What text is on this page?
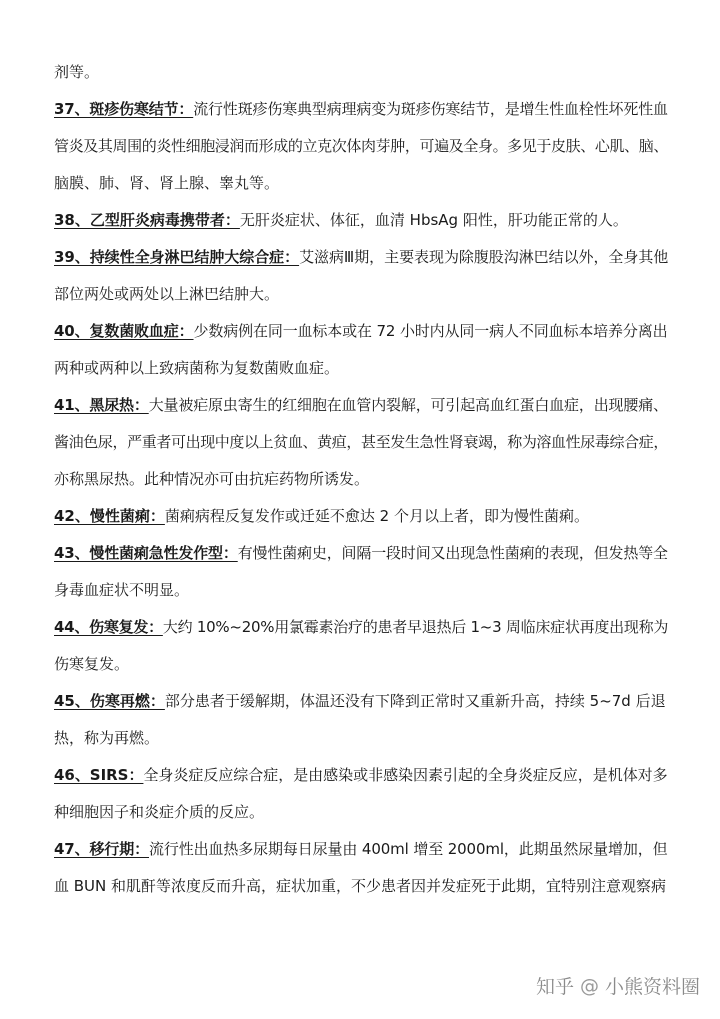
剂等。
37、斑疹伤寒结节：流行性斑疹伤寒典型病理病变为斑疹伤寒结节，是增生性血栓性坏死性血
管炎及其周围的炎性细胞浸润而形成的立克次体肉芽肿，可遍及全身。多见于皮肤、心肌、脑、
脑膜、肺、肾、肾上腺、睾丸等。
38、乙型肝炎病毒携带者：无肝炎症状、体征，血清 HbsAg 阳性，肝功能正常的人。
39、持续性全身淋巴结肿大综合症：艾滋病Ⅲ期，主要表现为除腹股沟淋巴结以外，全身其他
部位两处或两处以上淋巴结肿大。
40、复数菌败血症：少数病例在同一血标本或在 72 小时内从同一病人不同血标本培养分离出
两种或两种以上致病菌称为复数菌败血症。
41、黑尿热：大量被疟原虫寄生的红细胞在血管内裂解，可引起高血红蛋白血症，出现腰痛、
酱油色尿，严重者可出现中度以上贫血、黄疸，甚至发生急性肾衰竭，称为溶血性尿毒综合症，
亦称黑尿热。此种情况亦可由抗疟药物所诱发。
42、慢性菌痢：菌痢病程反复发作或迁延不愈达 2 个月以上者，即为慢性菌痢。
43、慢性菌痢急性发作型：有慢性菌痢史，间隔一段时间又出现急性菌痢的表现，但发热等全
身毒血症状不明显。
44、伤寒复发：大约 10%~20%用氯霉素治疗的患者早退热后 1~3 周临床症状再度出现称为
伤寒复发。
45、伤寒再燃：部分患者于缓解期，体温还没有下降到正常时又重新升高，持续 5~7d 后退
热，称为再燃。
46、SIRS：全身炎症反应综合症，是由感染或非感染因素引起的全身炎症反应，是机体对多
种细胞因子和炎症介质的反应。
47、移行期：流行性出血热多尿期每日尿量由 400ml 增至 2000ml，此期虽然尿量增加，但
血 BUN 和肌酐等浓度反而升高，症状加重，不少患者因并发症死于此期，宜特别注意观察病
知乎 @ 小熊资料圈
